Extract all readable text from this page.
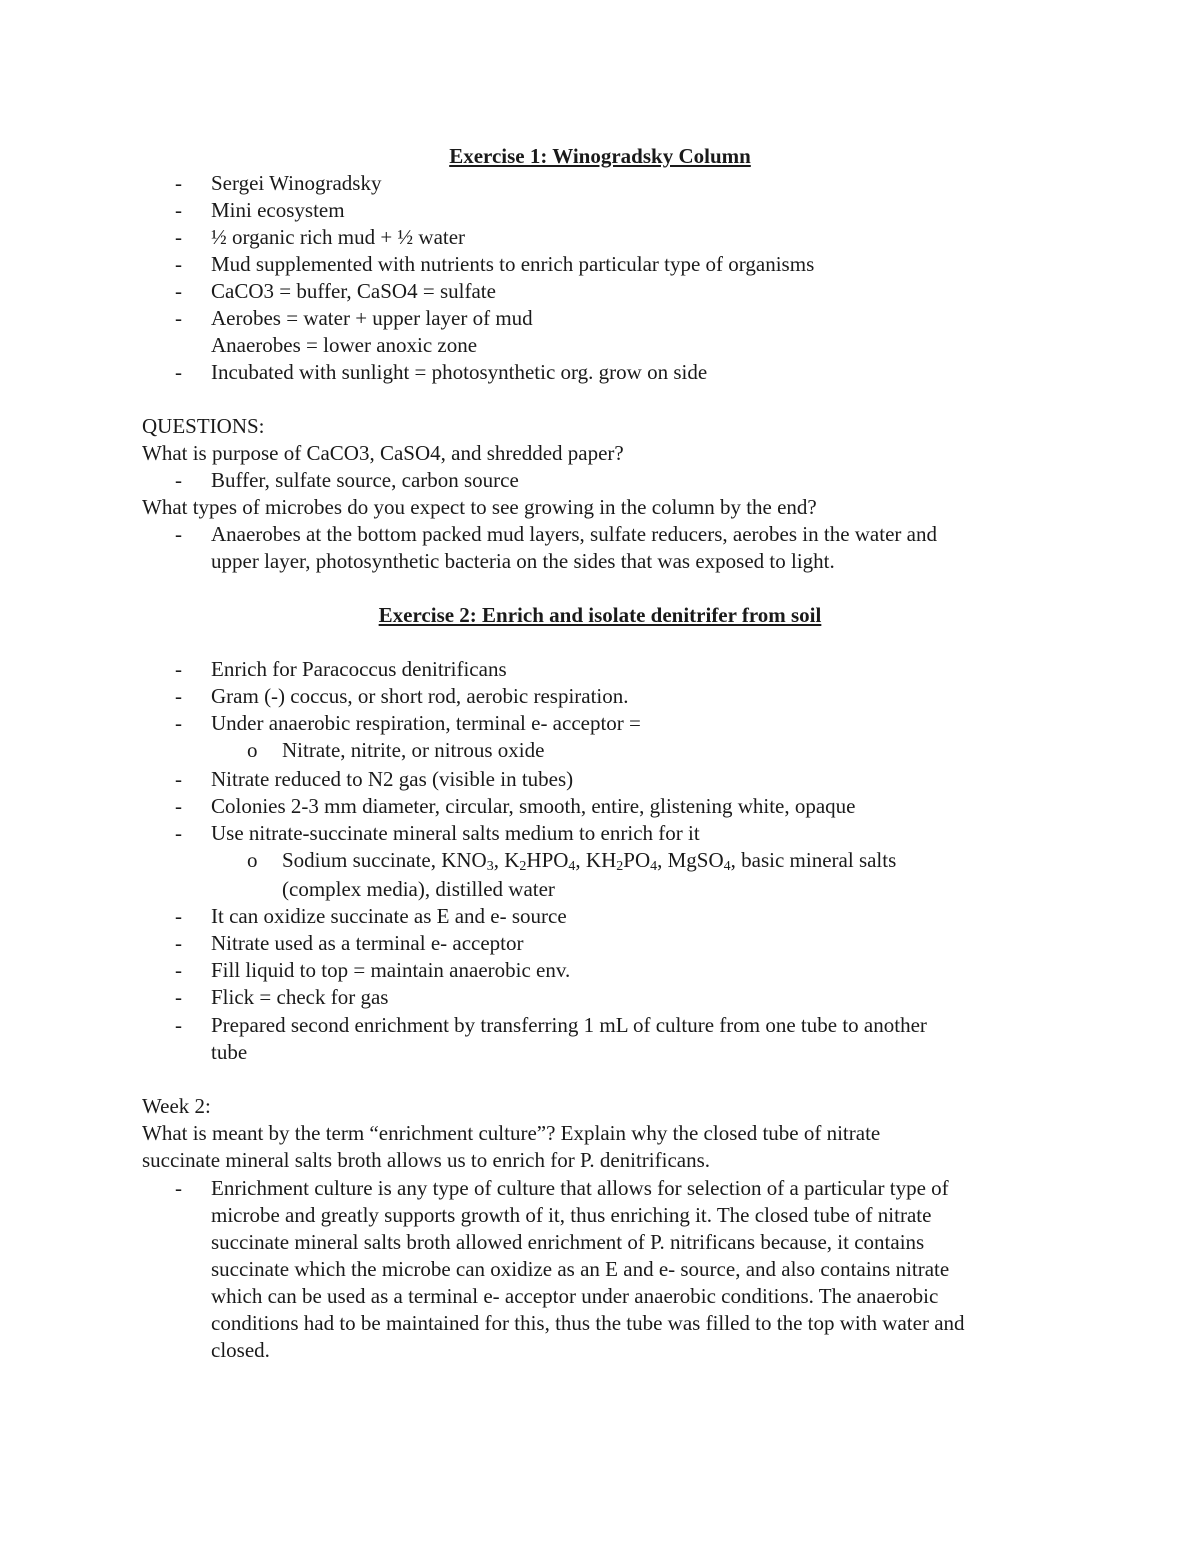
Exercise 1: Winogradsky Column
- Sergei Winogradsky
- Mini ecosystem
- ½ organic rich mud + ½ water
- Mud supplemented with nutrients to enrich particular type of organisms
- CaCO3 = buffer, CaSO4 = sulfate
- Aerobes = water + upper layer of mud
Anaerobes = lower anoxic zone
- Incubated with sunlight = photosynthetic org. grow on side
QUESTIONS:
What is purpose of CaCO3, CaSO4, and shredded paper?
- Buffer, sulfate source, carbon source
What types of microbes do you expect to see growing in the column by the end?
- Anaerobes at the bottom packed mud layers, sulfate reducers, aerobes in the water and
upper layer, photosynthetic bacteria on the sides that was exposed to light.
Exercise 2: Enrich and isolate denitrifer from soil
- Enrich for Paracoccus denitrificans
- Gram (-) coccus, or short rod, aerobic respiration.
- Under anaerobic respiration, terminal e- acceptor =
o Nitrate, nitrite, or nitrous oxide
- Nitrate reduced to N2 gas (visible in tubes)
- Colonies 2-3 mm diameter, circular, smooth, entire, glistening white, opaque
- Use nitrate-succinate mineral salts medium to enrich for it
o Sodium succinate, $KNO_3$, $K_2HPO_4$, $KH_2PO_4$, MgSO$_4$, basic mineral salts
(complex media), distilled water
- It can oxidize succinate as E and e- source
- Nitrate used as a terminal e- acceptor
- Fill liquid to top = maintain anaerobic env.
- Flick = check for gas
- Prepared second enrichment by transferring 1 mL of culture from one tube to another
tube
Week 2:
What is meant by the term “enrichment culture”? Explain why the closed tube of nitrate
succinate mineral salts broth allows us to enrich for P. denitrificans.
- Enrichment culture is any type of culture that allows for selection of a particular type of
microbe and greatly supports growth of it, thus enriching it. The closed tube of nitrate
succinate mineral salts broth allowed enrichment of P. nitrificans because, it contains
succinate which the microbe can oxidize as an E and e- source, and also contains nitrate
which can be used as a terminal e- acceptor under anaerobic conditions. The anaerobic
conditions had to be maintained for this, thus the tube was filled to the top with water and
closed.
